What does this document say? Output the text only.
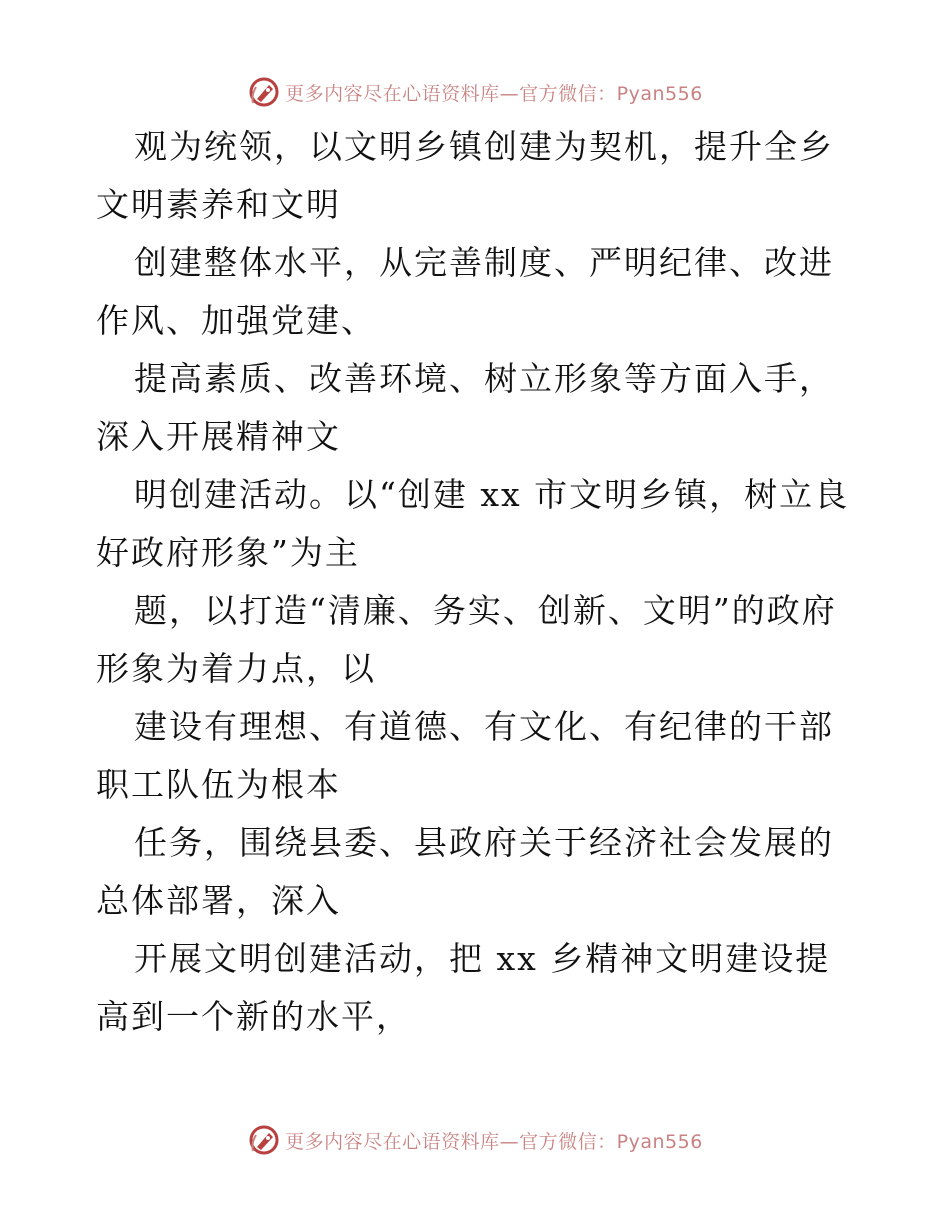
更多内容尽在心语资料库—官方微信：Pyan556

观为统领，以文明乡镇创建为契机，提升全乡文明素养和文明

创建整体水平，从完善制度、严明纪律、改进作风、加强党建、

提高素质、改善环境、树立形象等方面入手，深入开展精神文

明创建活动。以“创建 xx 市文明乡镇，树立良好政府形象”为主

题，以打造“清廉、务实、创新、文明”的政府形象为着力点，以

建设有理想、有道德、有文化、有纪律的干部职工队伍为根本

任务，围绕县委、县政府关于经济社会发展的总体部署，深入

开展文明创建活动，把 xx 乡精神文明建设提高到一个新的水平，

更多内容尽在心语资料库—官方微信：Pyan556
